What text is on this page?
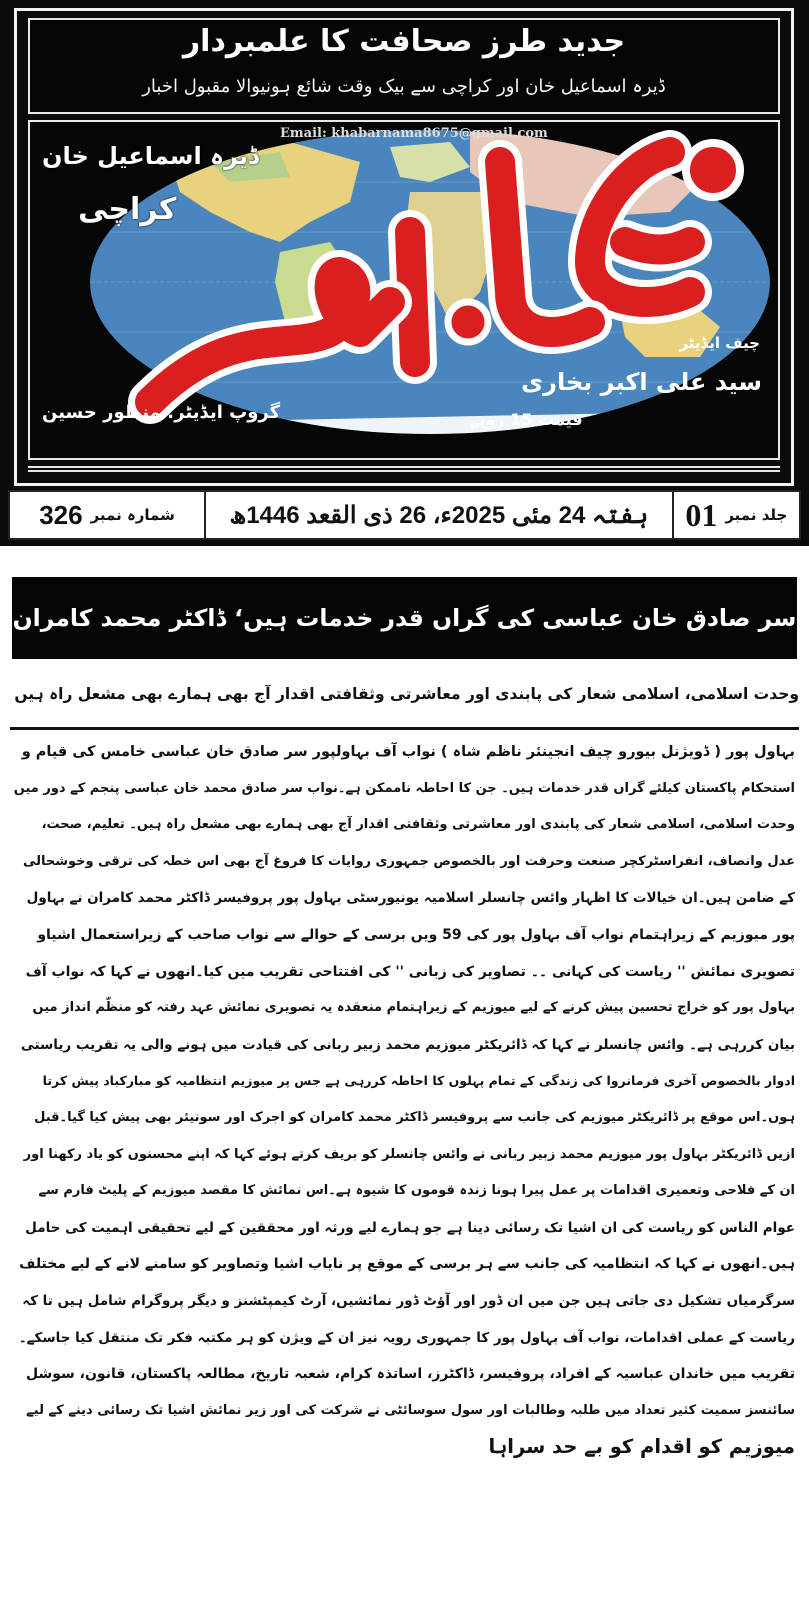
جدید طرز صحافت کا علمبردار
ڈیرہ اسماعیل خان اور کراچی سے بیک وقت شائع ہونیوالا مقبول اخبار
Email: khabarnama8675@gmail.com
ڈیرہ اسماعیل خان
کراچی
چیف ایڈیٹر
سید علی اکبر بخاری
گروپ ایڈیٹر: منظور حسین	قیمت 15 روپے
جلد نمبر
01
ہفتہ 24 مئی 2025ء، 26 ذی القعد 1446ھ
شمارہ نمبر
326
سر صادق خان عباسی کی گراں قدر خدمات ہیں‘ ڈاکٹر محمد کامران
وحدت اسلامی، اسلامی شعار کی پابندی اور معاشرتی وثقافتی اقدار آج بھی ہمارے بھی مشعل راہ ہیں
بہاول پور ( ڈویژنل بیورو چیف انجینئر ناظم شاہ ) نواب آف بہاولپور سر صادق خان عباسی خامس کی قیام و
استحکام پاکستان کیلئے گراں قدر خدمات ہیں۔ جن کا احاطہ ناممکن ہے۔نواب سر صادق محمد خان عباسی پنجم کے دور میں
وحدت اسلامی، اسلامی شعار کی پابندی اور معاشرتی وثقافتی اقدار آج بھی ہمارے بھی مشعل راہ ہیں۔ تعلیم، صحت،
عدل وانصاف، انفراسٹرکچر صنعت وحرفت اور بالخصوص جمہوری روایات کا فروغ آج بھی اس خطہ کی ترقی وخوشحالی
کے ضامن ہیں۔ان خیالات کا اظہار وائس چانسلر اسلامیہ یونیورسٹی بہاول پور پروفیسر ڈاکٹر محمد کامران نے بہاول
پور میوزیم کے زیراہتمام نواب آف بہاول پور کی 59 ویں برسی کے حوالے سے نواب صاحب کے زیراستعمال اشیاو
تصویری نمائش '' ریاست کی کہانی ۔۔ تصاویر کی زبانی '' کی افتتاحی تقریب میں کیا۔انھوں نے کہا کہ نواب آف
بہاول پور کو خراج تحسین پیش کرنے کے لیے میوزیم کے زیراہتمام منعقدہ یہ تصویری نمائش عہد رفتہ کو منظّم انداز میں
بیان کررہی ہے۔ وائس چانسلر نے کہا کہ ڈائریکٹر میوزیم محمد زبیر ربانی کی قیادت میں ہونے والی یہ تقریب ریاستی
ادوار بالخصوص آخری فرمانروا کی زندگی کے تمام پہلوں کا احاطہ کررہی ہے جس پر میوزیم انتظامیہ کو مبارکباد پیش کرتا
ہوں۔اس موقع پر ڈائریکٹر میوزیم کی جانب سے پروفیسر ڈاکٹر محمد کامران کو اجرک اور سونیئر بھی پیش کیا گیا۔قبل
ازیں ڈائریکٹر بہاول پور میوزیم محمد زبیر ربانی نے وائس چانسلر کو بریف کرتے ہوئے کہا کہ اپنے محسنوں کو یاد رکھنا اور
ان کے فلاحی وتعمیری اقدامات پر عمل پیرا ہونا زندہ قوموں کا شیوہ ہے۔اس نمائش کا مقصد میوزیم کے پلیٹ فارم سے
عوام الناس کو ریاست کی ان اشیا تک رسائی دینا ہے جو ہمارے لیے ورثہ اور محققین کے لیے تحقیقی اہمیت کی حامل
ہیں۔انھوں نے کہا کہ انتظامیہ کی جانب سے ہر برسی کے موقع پر نایاب اشیا وتصاویر کو سامنے لانے کے لیے مختلف
سرگرمیاں تشکیل دی جاتی ہیں جن میں ان ڈور اور آؤٹ ڈور نمائشیں، آرٹ کیمپٹشنز و دیگر پروگرام شامل ہیں تا کہ
ریاست کے عملی اقدامات، نواب آف بہاول پور کا جمہوری رویہ نیز ان کے ویژن کو ہر مکتبہ فکر تک منتقل کیا جاسکے۔
تقریب میں خاندان عباسیہ کے افراد، پروفیسر، ڈاکٹرز، اساتذہ کرام، شعبہ تاریخ، مطالعہ پاکستان، قانون، سوشل
سائنسز سمیت کثیر تعداد میں طلبہ وطالبات اور سول سوسائٹی نے شرکت کی اور زیر نمائش اشیا تک رسائی دینے کے لیے
میوزیم کو اقدام کو بے حد سراہا
